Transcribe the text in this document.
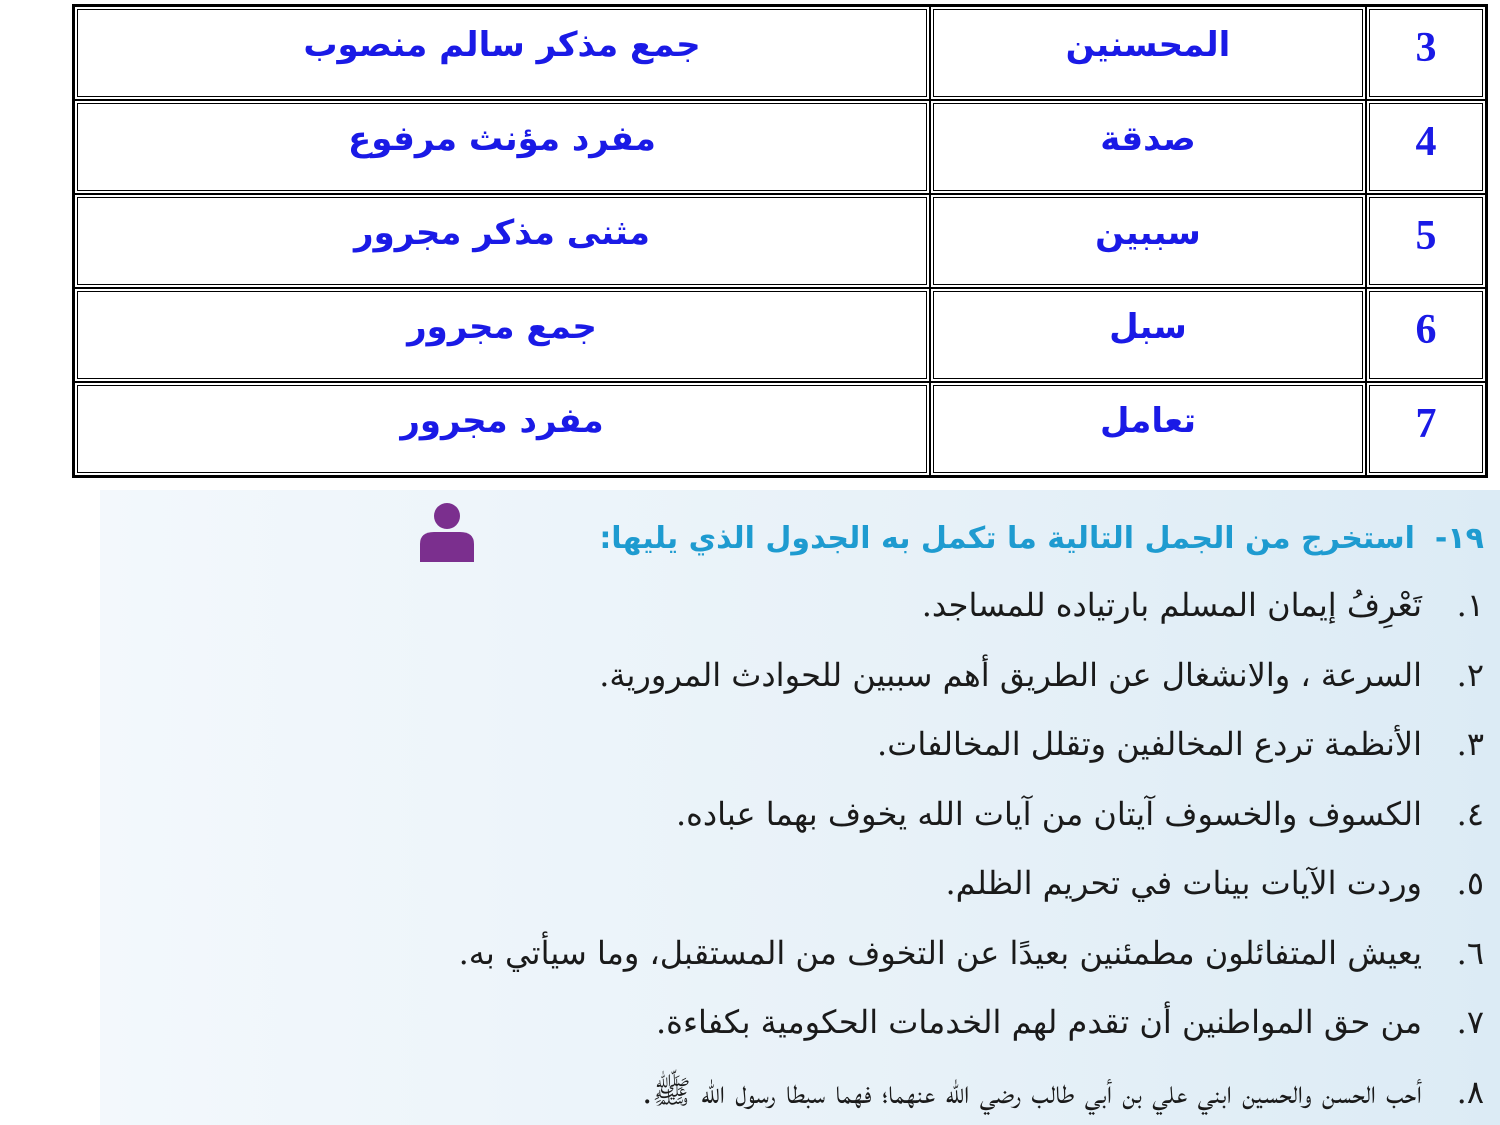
3	المحسنين	جمع مذكر سالم منصوب
4	صدقة	مفرد مؤنث مرفوع
5	سببين	مثنى مذكر مجرور
6	سبل	جمع مجرور
7	تعامل	مفرد مجرور
١٩-استخرج من الجمل التالية ما تكمل به الجدول الذي يليها:
١.تَعْرِفُ إيمان المسلم بارتياده للمساجد.
٢.السرعة ، والانشغال عن الطريق أهم سببين للحوادث المرورية.
٣.الأنظمة تردع المخالفين وتقلل المخالفات.
٤.الكسوف والخسوف آيتان من آيات الله يخوف بهما عباده.
٥.وردت الآيات بينات في تحريم الظلم.
٦.يعيش المتفائلون مطمئنين بعيدًا عن التخوف من المستقبل، وما سيأتي به.
٧.من حق المواطنين أن تقدم لهم الخدمات الحكومية بكفاءة.
٨.أحب الحسن والحسين ابني علي بن أبي طالب رضي الله عنهما؛ فهما سبطا رسول الله ﷺ.
